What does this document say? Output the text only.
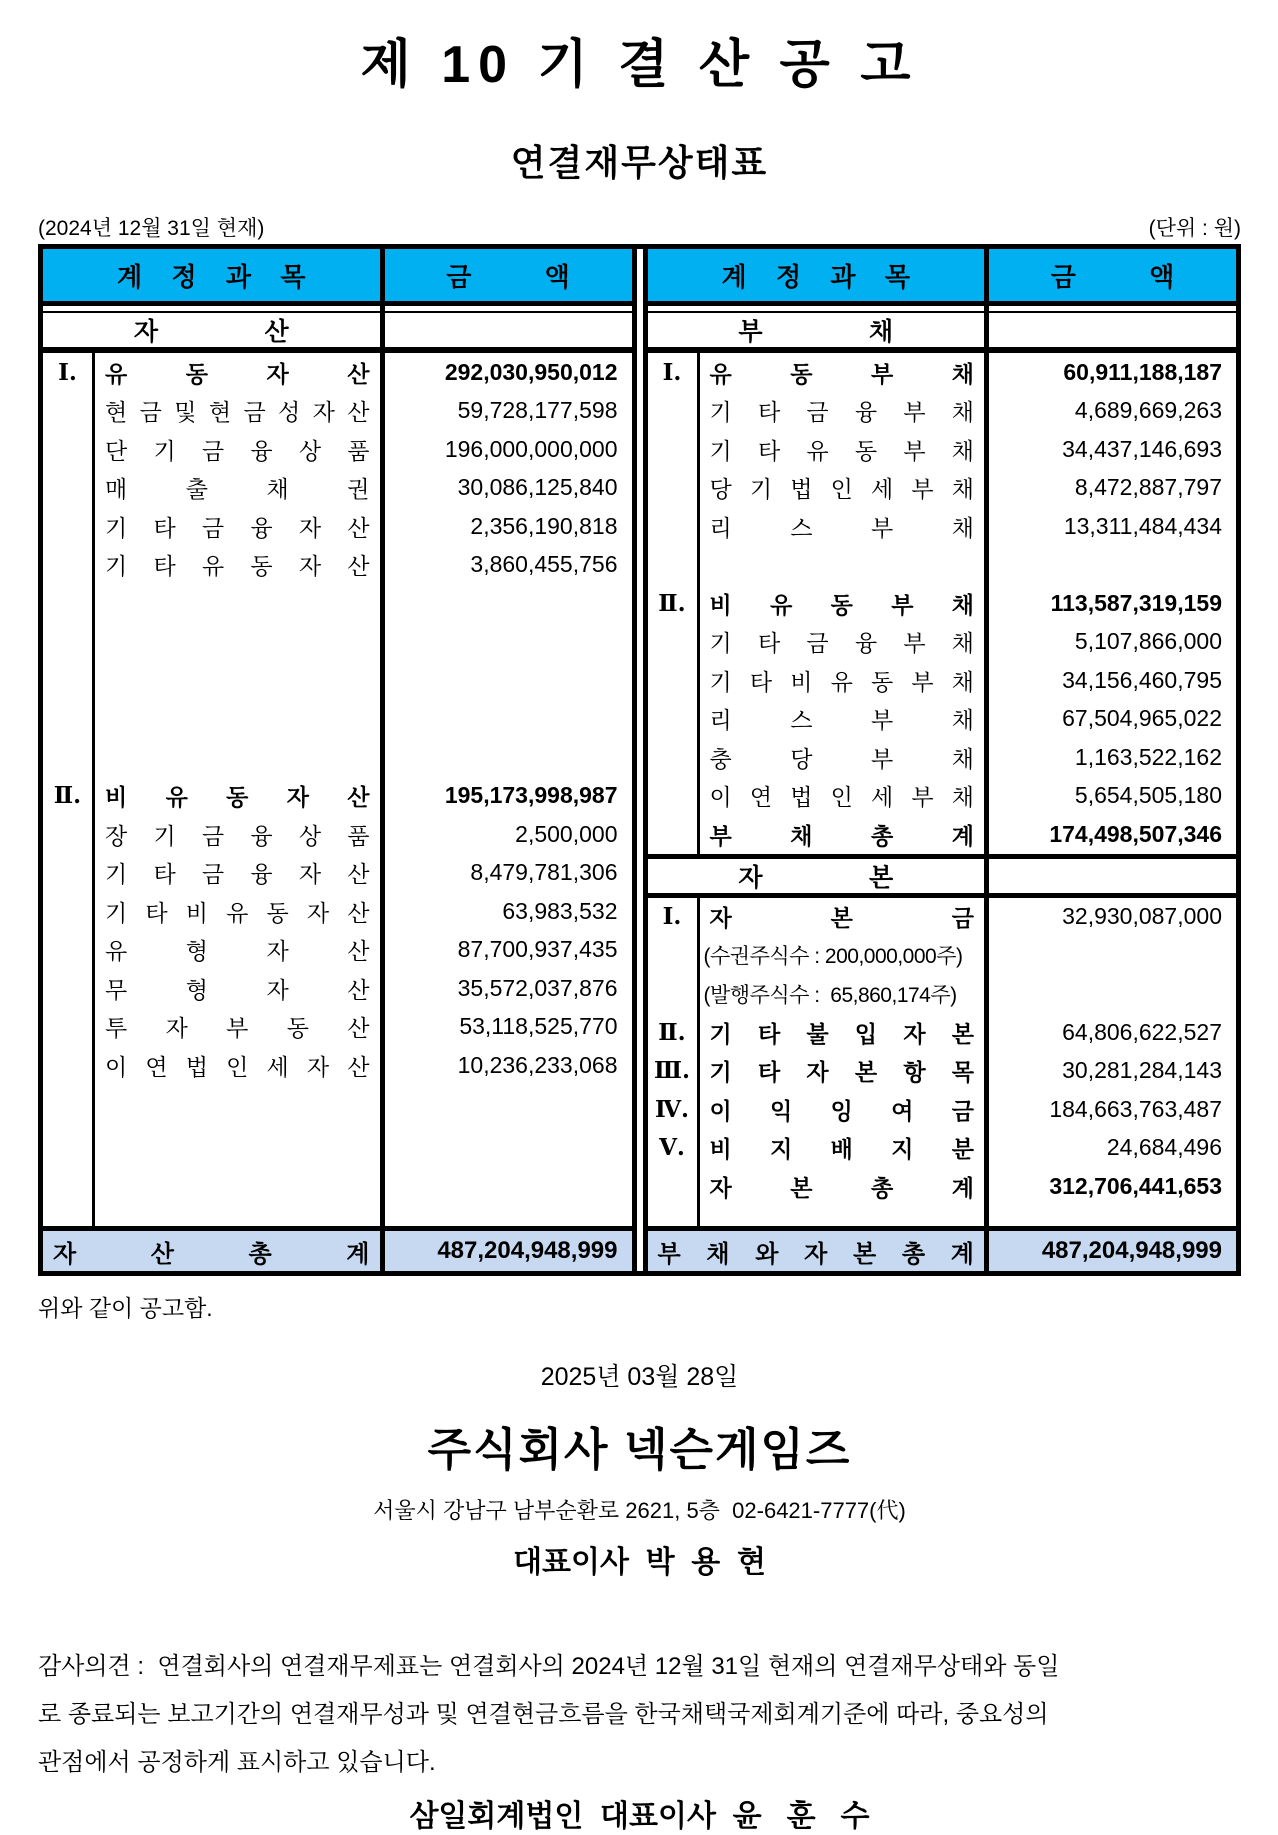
제 10 기 결 산 공 고
연결재무상태표
(2024년 12월 31일 현재)	(단위 : 원)
계 정 과 목	금	액
자	산
Ⅰ.	유	동	자	산	292,030,950,012
현 금 및 현 금 성 자 산	59,728,177,598
단 기 금 융 상 품	196,000,000,000
매	출	채	권	30,086,125,840
기 타 금 융 자 산	2,356,190,818
기 타 유 동 자 산	3,860,455,756
Ⅱ.	비 유 동 자 산	195,173,998,987
장 기 금 융 상 품	2,500,000
기 타 금 융 자 산	8,479,781,306
기 타 비 유 동 자 산	63,983,532
유	형	자	산	87,700,937,435
무	형	자	산	35,572,037,876
투 자 부 동 산	53,118,525,770
이 연 법 인 세 자 산	10,236,233,068
자	산	총	계	487,204,948,999
계 정 과 목	금	액
부	채
Ⅰ.	유	동	부	채	60,911,188,187
기 타 금 융 부 채	4,689,669,263
기 타 유 동 부 채	34,437,146,693
당 기 법 인 세 부 채	8,472,887,797
리	스	부	채	13,311,484,434
Ⅱ.	비 유 동 부 채	113,587,319,159
기 타 금 융 부 채	5,107,866,000
기 타 비 유 동 부 채	34,156,460,795
리	스	부	채	67,504,965,022
충	당	부	채	1,163,522,162
이 연 법 인 세 부 채	5,654,505,180
부	채	총	계	174,498,507,346
자	본
Ⅰ.	자	본	금	32,930,087,000
(수권주식수 : 200,000,000주)
(발행주식수 :  65,860,174주)
Ⅱ.	기 타 불 입 자 본	64,806,622,527
Ⅲ. 기 타 자 본 항 목	30,281,284,143
Ⅳ. 이 익 잉 여 금	184,663,763,487
Ⅴ.	비 지 배 지 분	24,684,496
자	본	총	계	312,706,441,653
부 채 와 자 본 총 계	487,204,948,999
위와 같이 공고함.
2025년 03월 28일
주식회사 넥슨게임즈
서울시 강남구 남부순환로 2621, 5층  02-6421-7777(代)
대표이사  박  용  현
감사의견 :  연결회사의 연결재무제표는 연결회사의 2024년 12월 31일 현재의 연결재무상태와 동일
로 종료되는 보고기간의 연결재무성과 및 연결현금흐름을 한국채택국제회계기준에 따라, 중요성의
관점에서 공정하게 표시하고 있습니다.
삼일회계법인  대표이사  윤   훈   수
